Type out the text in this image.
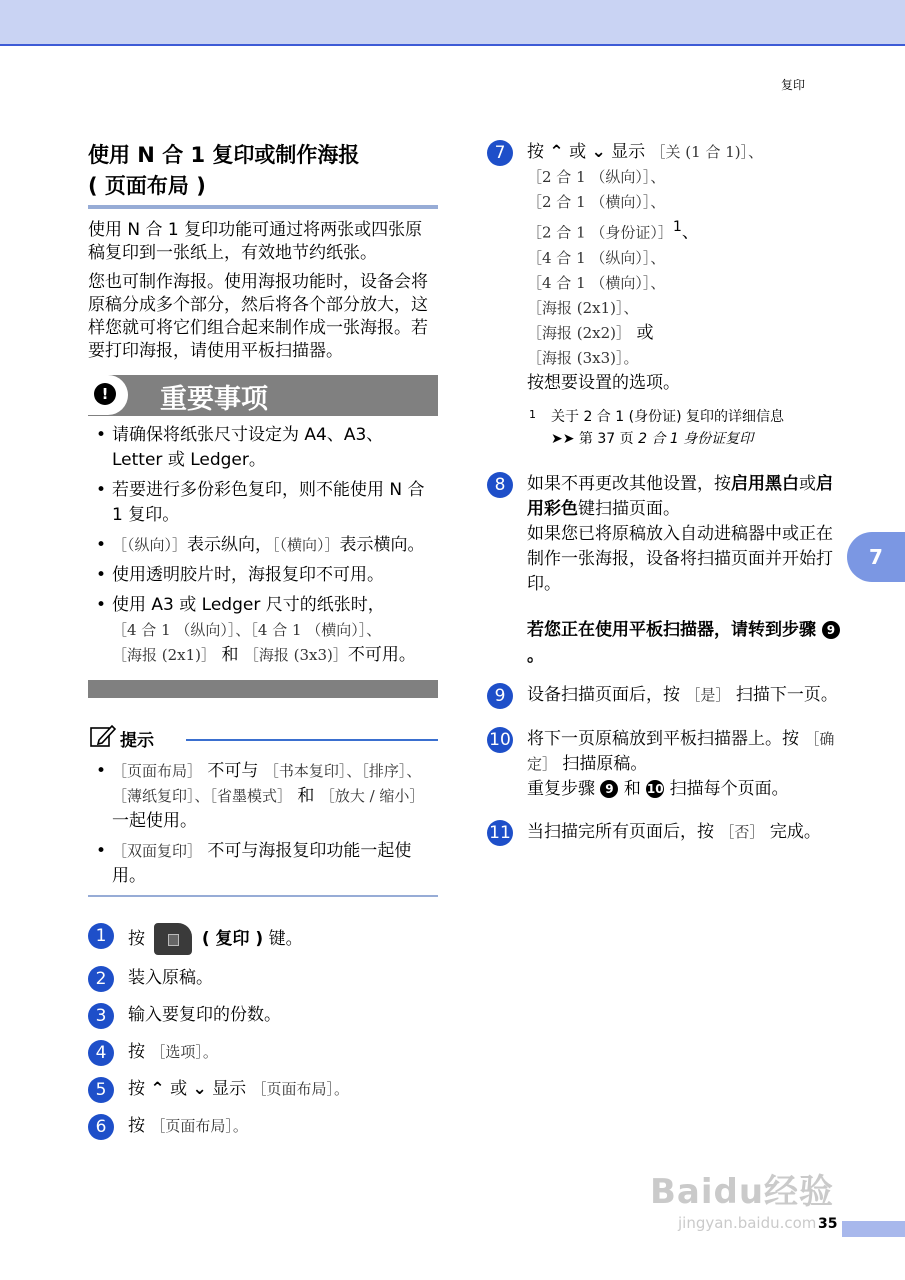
复印
使用 N 合 1 复印或制作海报
( 页面布局 )

使用 N 合 1 复印功能可通过将两张或四张原稿复印到一张纸上，有效地节约纸张。

您也可制作海报。使用海报功能时，设备会将原稿分成多个部分，然后将各个部分放大，这样您就可将它们组合起来制作成一张海报。若要打印海报，请使用平板扫描器。

! 重要事项
• 请确保将纸张尺寸设定为 A4、A3、 Letter 或 Ledger。
• 若要进行多份彩色复印，则不能使用 N 合 1 复印。
• ［（纵向）］表示纵向，［（横向）］表示横向。
• 使用透明胶片时，海报复印不可用。
• 使用 A3 或 Ledger 尺寸的纸张时，
［4 合 1 （纵向）］、［4 合 1 （横向）］、
［海报 (2x1)］ 和 ［海报 (3x3)］不可用。
提示
• ［页面布局］ 不可与 ［书本复印］、［排序］、［薄纸复印］、［省墨模式］ 和 ［放大 / 缩小］一起使用。
• ［双面复印］ 不可与海报复印功能一起使用。
1	按	( 复印 ) 键。
2	装入原稿。
3	输入要复印的份数。
4	按 ［选项］。
5	按 ⌃ 或 ⌄ 显示 ［页面布局］。
6	按 ［页面布局］。
7	按 ⌃ 或 ⌄ 显示 ［关 (1 合 1)］、
［2 合 1 （纵向）］、
［2 合 1 （横向）］、
［2 合 1 （身份证）］$^1$、
［4 合 1 （纵向）］、
［4 合 1 （横向）］、
［海报 (2x1)］、
［海报 (2x2)］ 或
［海报 (3x3)］。
按想要设置的选项。
1	关于 2 合 1 (身份证) 复印的详细信息
➤➤ 第 37 页 2 合 1 身份证复印
8	如果不再更改其他设置，按启用黑白或启用彩色键扫描页面。
如果您已将原稿放入自动进稿器中或正在制作一张海报，设备将扫描页面并开始打印。
若您正在使用平板扫描器，请转到步骤 9。
9	设备扫描页面后，按 ［是］ 扫描下一页。
10 将下一页原稿放到平板扫描器上。按 ［确定］ 扫描原稿。
重复步骤 9 和 10 扫描每个页面。
11 当扫描完所有页面后，按 ［否］ 完成。
7
Baidu经验
jingyan.baidu.com 35
